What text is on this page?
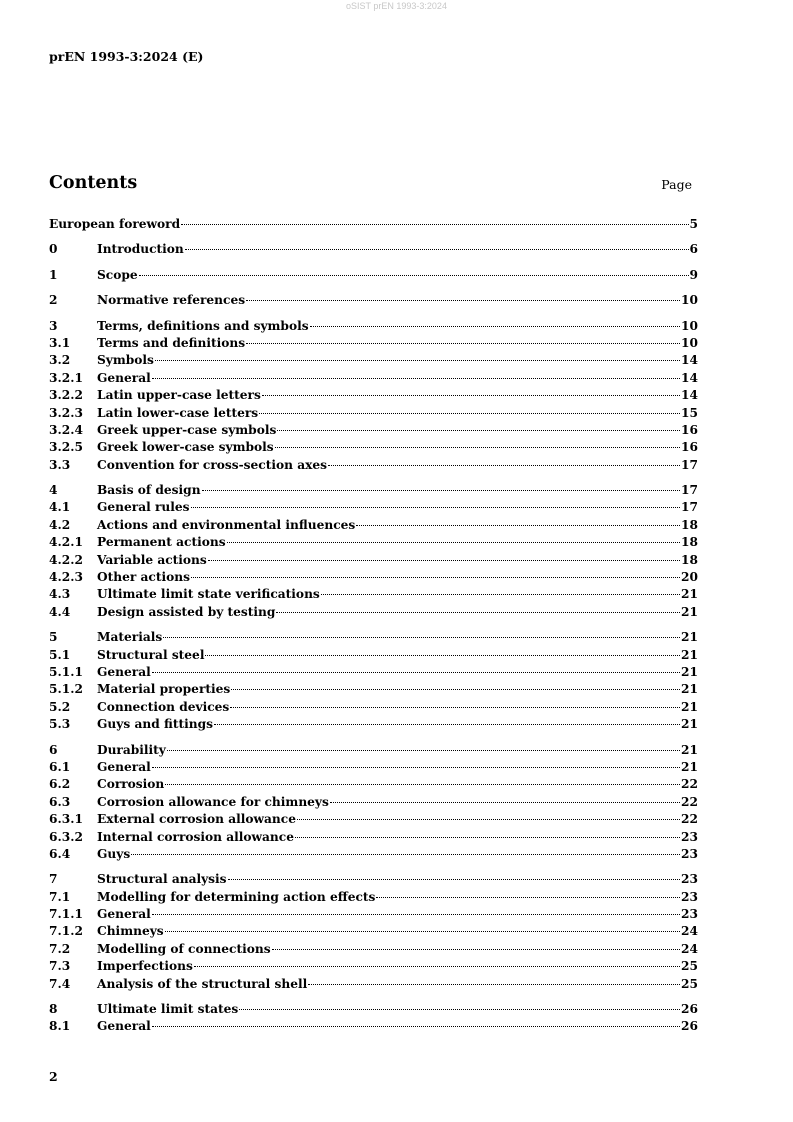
oSIST prEN 1993-3:2024
prEN 1993-3:2024 (E)
Contents	Page
European foreword	5
0	Introduction	6
1	Scope	9
2	Normative references	10
3	Terms, definitions and symbols	10
3.1	Terms and definitions	10
3.2	Symbols	14
3.2.1	General	14
3.2.2	Latin upper-case letters	14
3.2.3	Latin lower-case letters	15
3.2.4	Greek upper-case symbols	16
3.2.5	Greek lower-case symbols	16
3.3	Convention for cross-section axes	17
4	Basis of design	17
4.1	General rules	17
4.2	Actions and environmental influences	18
4.2.1	Permanent actions	18
4.2.2	Variable actions	18
4.2.3	Other actions	20
4.3	Ultimate limit state verifications	21
4.4	Design assisted by testing	21
5	Materials	21
5.1	Structural steel	21
5.1.1	General	21
5.1.2	Material properties	21
5.2	Connection devices	21
5.3	Guys and fittings	21
6	Durability	21
6.1	General	21
6.2	Corrosion	22
6.3	Corrosion allowance for chimneys	22
6.3.1	External corrosion allowance	22
6.3.2	Internal corrosion allowance	23
6.4	Guys	23
7	Structural analysis	23
7.1	Modelling for determining action effects	23
7.1.1	General	23
7.1.2	Chimneys	24
7.2	Modelling of connections	24
7.3	Imperfections	25
7.4	Analysis of the structural shell	25
8	Ultimate limit states	26
8.1	General	26
2
